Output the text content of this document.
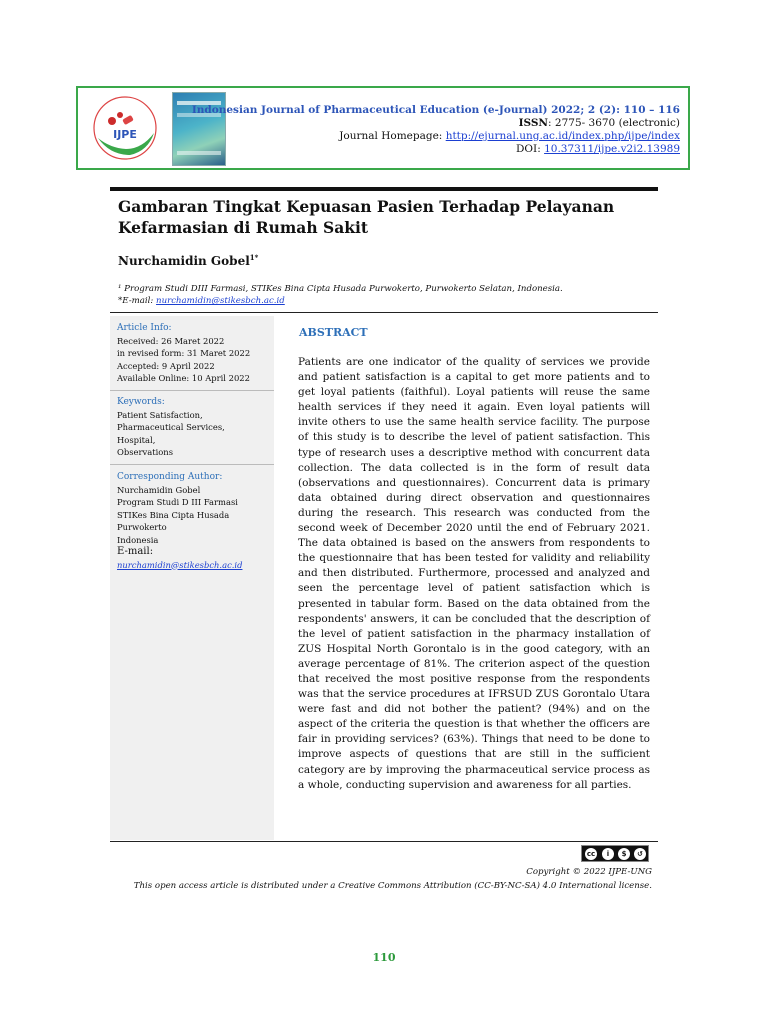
IJPE
Indonesian Journal of Pharmaceutical Education (e-Journal) 2022; 2 (2): 110 – 116
ISSN: 2775- 3670 (electronic)
Journal Homepage: http://ejurnal.ung.ac.id/index.php/ijpe/index
DOI: 10.37311/ijpe.v2i2.13989
Gambaran Tingkat Kepuasan Pasien Terhadap Pelayanan Kefarmasian di Rumah Sakit
Nurchamidin Gobel$^{1*}$
¹ Program Studi DIII Farmasi, STIKes Bina Cipta Husada Purwokerto, Purwokerto Selatan, Indonesia.
*E-mail: nurchamidin@stikesbch.ac.id
Article Info:
Received: 26 Maret 2022
in revised form: 31 Maret 2022
Accepted: 9 April 2022
Available Online: 10 April 2022
Keywords:
Patient Satisfaction,
Pharmaceutical Services,
Hospital,
Observations
Corresponding Author:
Nurchamidin Gobel
Program Studi D III Farmasi
STIKes Bina Cipta Husada
Purwokerto
Indonesia
E-mail:
nurchamidin@stikesbch.ac.id
ABSTRACT
Patients are one indicator of the quality of services we provide and patient satisfaction is a capital to get more patients and to get loyal patients (faithful). Loyal patients will reuse the same health services if they need it again. Even loyal patients will invite others to use the same health service facility. The purpose of this study is to describe the level of patient satisfaction. This type of research uses a descriptive method with concurrent data collection. The data collected is in the form of result data (observations and questionnaires). Concurrent data is primary data obtained during direct observation and questionnaires during the research. This research was conducted from the second week of December 2020 until the end of February 2021. The data obtained is based on the answers from respondents to the questionnaire that has been tested for validity and reliability and then distributed. Furthermore, processed and analyzed and seen the percentage level of patient satisfaction which is presented in tabular form. Based on the data obtained from the respondents' answers, it can be concluded that the description of the level of patient satisfaction in the pharmacy installation of ZUS Hospital North Gorontalo is in the good category, with an average percentage of 81%. The criterion aspect of the question that received the most positive response from the respondents was that the service procedures at IFRSUD ZUS Gorontalo Utara were fast and did not bother the patient? (94%) and on the aspect of the criteria the question is that whether the officers are fair in providing services? (63%). Things that need to be done to improve aspects of questions that are still in the sufficient category are by improving the pharmaceutical service process as a whole, conducting supervision and awareness for all parties.
cc	i	$	↺
Copyright © 2022 IJPE-UNG
This open access article is distributed under a Creative Commons Attribution (CC-BY-NC-SA) 4.0 International license.
110
